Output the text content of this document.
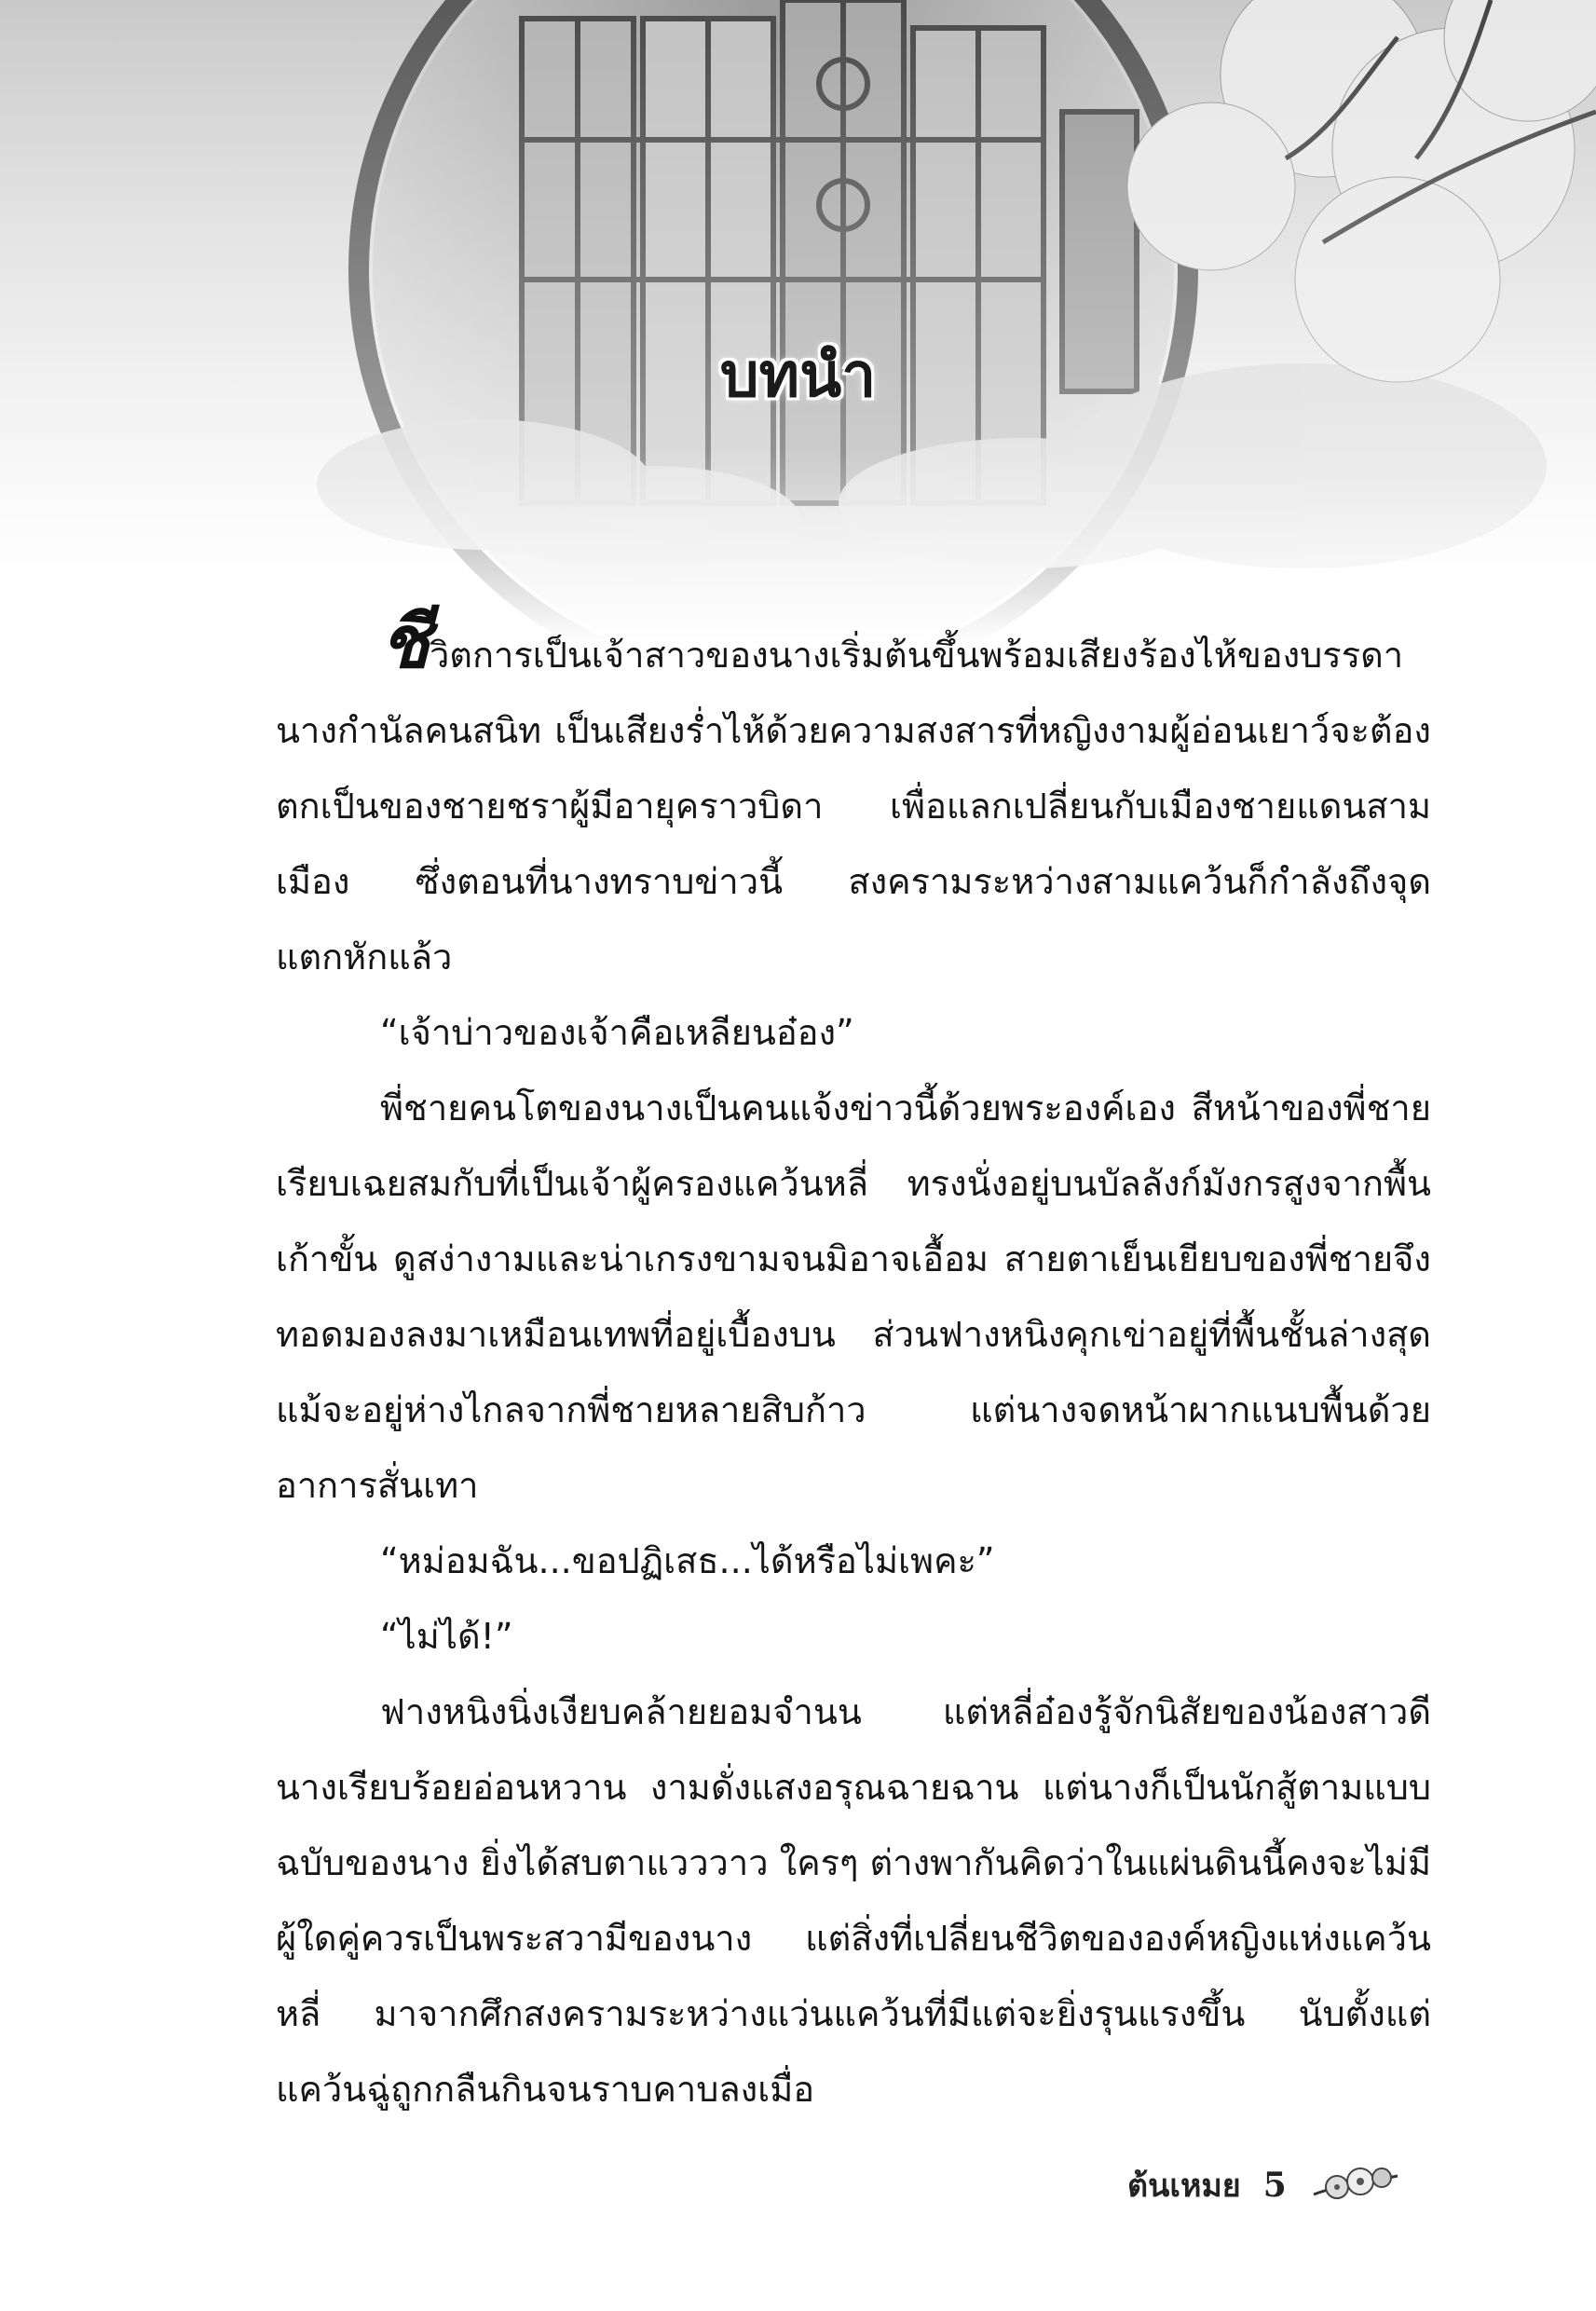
บทนำ

ชีวิตการเป็นเจ้าสาวของนางเริ่มต้นขึ้นพร้อมเสียงร้องไห้ของบรรดานางกำนัลคนสนิท เป็นเสียงร่ำไห้ด้วยความสงสารที่หญิงงามผู้อ่อนเยาว์จะต้องตกเป็นของชายชราผู้มีอายุคราวบิดา เพื่อแลกเปลี่ยนกับเมืองชายแดนสามเมือง ซึ่งตอนที่นางทราบข่าวนี้ สงครามระหว่างสามแคว้นก็กำลังถึงจุดแตกหักแล้ว

“เจ้าบ่าวของเจ้าคือเหลียนอ๋อง”

พี่ชายคนโตของนางเป็นคนแจ้งข่าวนี้ด้วยพระองค์เอง สีหน้าของพี่ชายเรียบเฉยสมกับที่เป็นเจ้าผู้ครองแคว้นหลี่ ทรงนั่งอยู่บนบัลลังก์มังกรสูงจากพื้นเก้าขั้น ดูสง่างามและน่าเกรงขามจนมิอาจเอื้อม สายตาเย็นเยียบของพี่ชายจึงทอดมองลงมาเหมือนเทพที่อยู่เบื้องบน ส่วนฟางหนิงคุกเข่าอยู่ที่พื้นชั้นล่างสุด แม้จะอยู่ห่างไกลจากพี่ชายหลายสิบก้าว แต่นางจดหน้าผากแนบพื้นด้วยอาการสั่นเทา

“หม่อมฉัน...ขอปฏิเสธ...ได้หรือไม่เพคะ”

“ไม่ได้!”

ฟางหนิงนิ่งเงียบคล้ายยอมจำนน แต่หลี่อ๋องรู้จักนิสัยของน้องสาวดี นางเรียบร้อยอ่อนหวาน งามดั่งแสงอรุณฉายฉาน แต่นางก็เป็นนักสู้ตามแบบฉบับของนาง ยิ่งได้สบตาแวววาว ใครๆ ต่างพากันคิดว่าในแผ่นดินนี้คงจะไม่มีผู้ใดคู่ควรเป็นพระสวามีของนาง แต่สิ่งที่เปลี่ยนชีวิตขององค์หญิงแห่งแคว้นหลี่ มาจากศึกสงครามระหว่างแว่นแคว้นที่มีแต่จะยิ่งรุนแรงขึ้น นับตั้งแต่แคว้นฉู่ถูกกลืนกินจนราบคาบลงเมื่อ

ต้นเหมย 5
